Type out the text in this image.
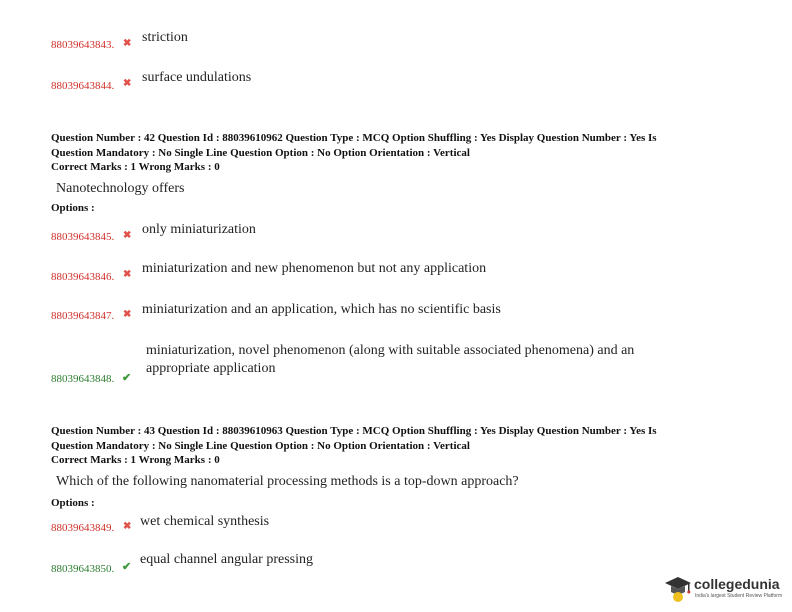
88039643843. ✖ striction
88039643844. ✖ surface undulations
Question Number : 42 Question Id : 88039610962 Question Type : MCQ Option Shuffling : Yes Display Question Number : Yes Is
Question Mandatory : No Single Line Question Option : No Option Orientation : Vertical
Correct Marks : 1 Wrong Marks : 0
Nanotechnology offers
Options :
88039643845. ✖ only miniaturization
88039643846. ✖ miniaturization and new phenomenon but not any application
88039643847. ✖ miniaturization and an application, which has no scientific basis
miniaturization, novel phenomenon (along with suitable associated phenomena) and an appropriate application
88039643848. ✔
Question Number : 43 Question Id : 88039610963 Question Type : MCQ Option Shuffling : Yes Display Question Number : Yes Is
Question Mandatory : No Single Line Question Option : No Option Orientation : Vertical
Correct Marks : 1 Wrong Marks : 0
Which of the following nanomaterial processing methods is a top-down approach?
Options :
88039643849. ✖ wet chemical synthesis
88039643850. ✔ equal channel angular pressing
collegedunia
India's largest Student Review Platform
